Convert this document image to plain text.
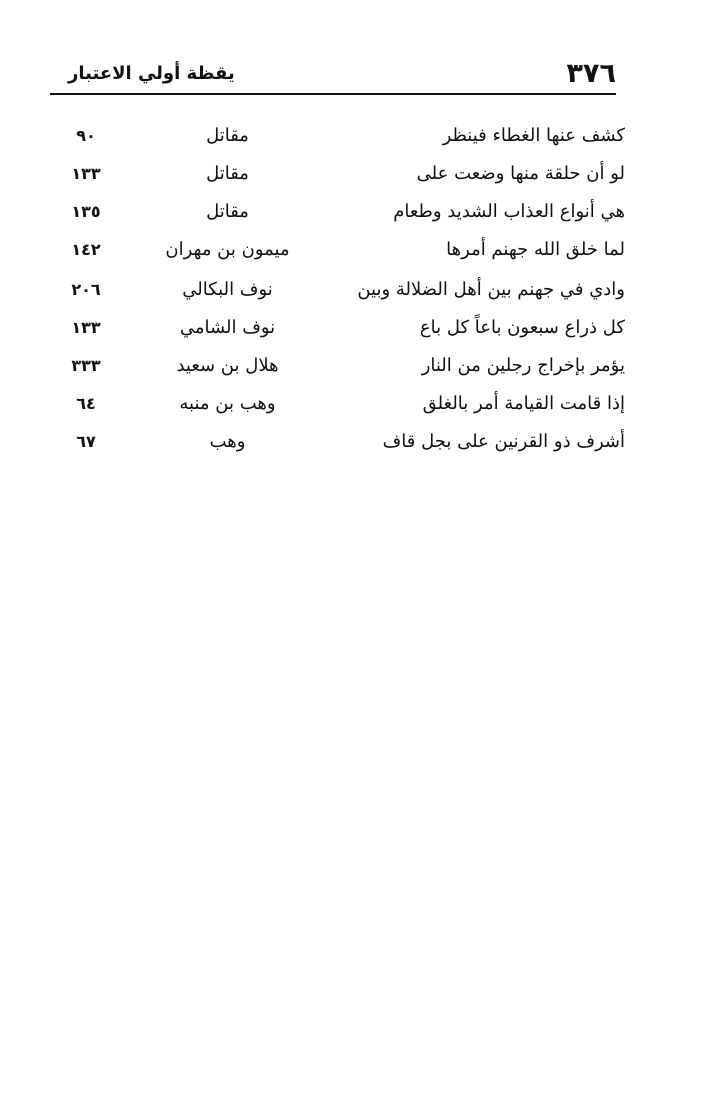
٣٧٦
يقظة أولي الاعتبار
كشف عنها الغطاء فينظر
مقاتل
٩٠
لو أن حلقة منها وضعت على
مقاتل
١٣٣
هي أنواع العذاب الشديد وطعام
مقاتل
١٣٥
لما خلق الله جهنم أمرها
ميمون بن مهران
١٤٢
وادي في جهنم بين أهل الضلالة وبين
نوف البكالي
٢٠٦
كل ذراع سبعون باعاً كل باع
نوف الشامي
١٣٣
يؤمر بإخراج رجلين من النار
هلال بن سعيد
٣٣٣
إذا قامت القيامة أمر بالغلق
وهب بن منبه
٦٤
أشرف ذو القرنين على بجل قاف
وهب
٦٧
